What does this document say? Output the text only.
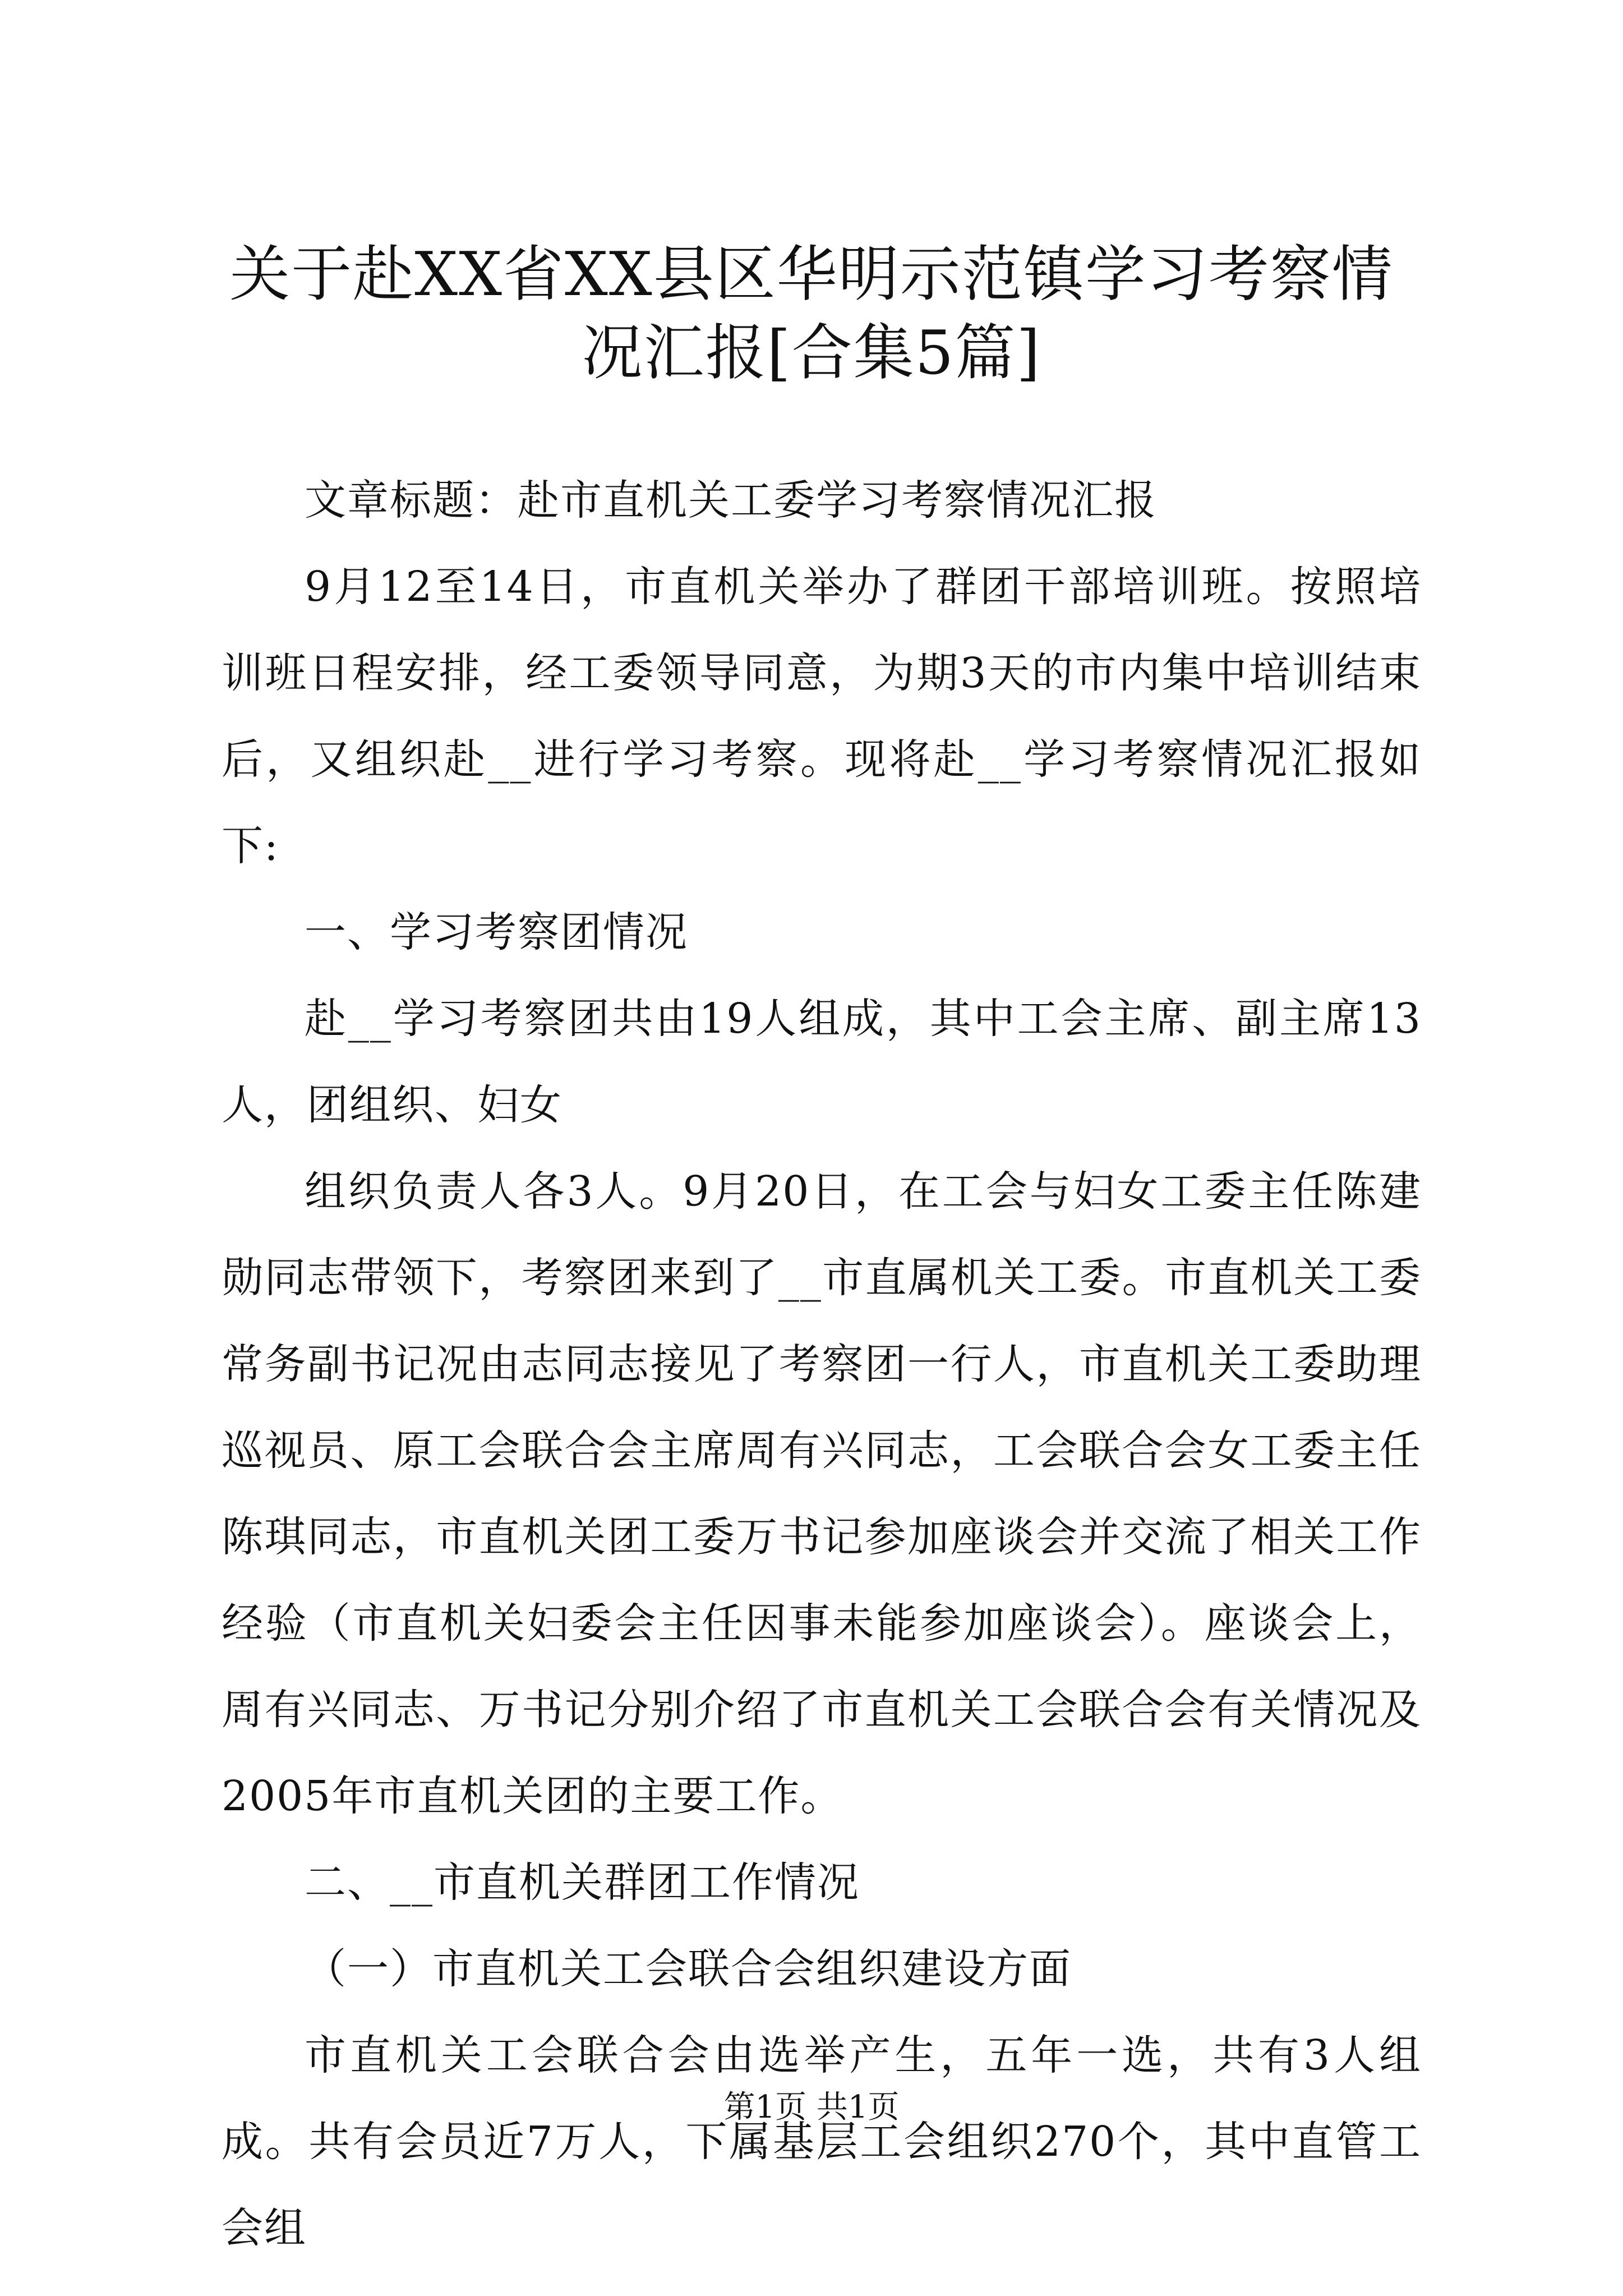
关于赴XX省XX县区华明示范镇学习考察情况汇报[合集5篇]

文章标题：赴市直机关工委学习考察情况汇报

9月12至14日，市直机关举办了群团干部培训班。按照培训班日程安排，经工委领导同意，为期3天的市内集中培训结束后，又组织赴__进行学习考察。现将赴__学习考察情况汇报如下:

一、学习考察团情况

赴__学习考察团共由19人组成，其中工会主席、副主席13人，团组织、妇女

组织负责人各3人。9月20日，在工会与妇女工委主任陈建勋同志带领下，考察团来到了__市直属机关工委。市直机关工委常务副书记况由志同志接见了考察团一行人，市直机关工委助理巡视员、原工会联合会主席周有兴同志，工会联合会女工委主任陈琪同志，市直机关团工委万书记参加座谈会并交流了相关工作经验（市直机关妇委会主任因事未能参加座谈会）。座谈会上，周有兴同志、万书记分别介绍了市直机关工会联合会有关情况及2005年市直机关团的主要工作。

二、__市直机关群团工作情况

（一）市直机关工会联合会组织建设方面

市直机关工会联合会由选举产生，五年一选，共有3人组成。共有会员近7万人，下属基层工会组织270个，其中直管工会组

第1页 共1页
